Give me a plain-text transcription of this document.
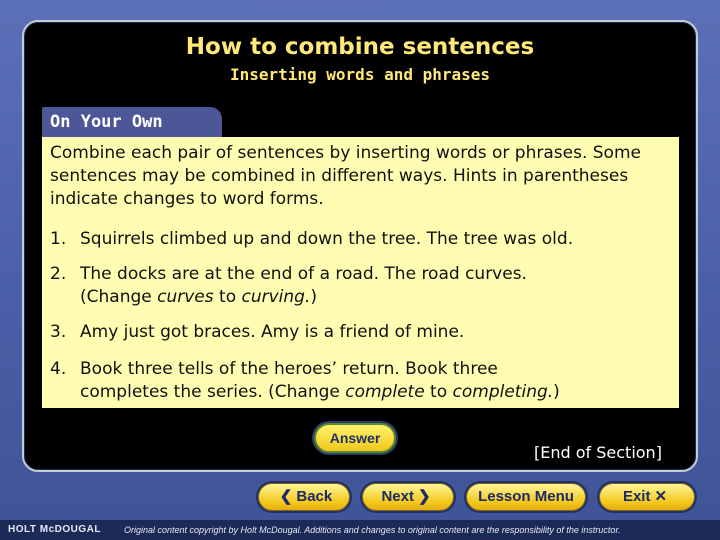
How to combine sentences
Inserting words and phrases
On Your Own
Combine each pair of sentences by inserting words or phrases. Some sentences may be combined in different ways. Hints in parentheses indicate changes to word forms.
1. Squirrels climbed up and down the tree. The tree was old.
2. The docks are at the end of a road. The road curves.
(Change curves to curving.)
3. Amy just got braces. Amy is a friend of mine.
4. Book three tells of the heroes’ return. Book three
completes the series. (Change complete to completing.)
Answer
[End of Section]
❮ Back	Next ❯	Lesson Menu	Exit ✕
HOLT McDOUGAL	Original content copyright by Holt McDougal. Additions and changes to original content are the responsibility of the instructor.
